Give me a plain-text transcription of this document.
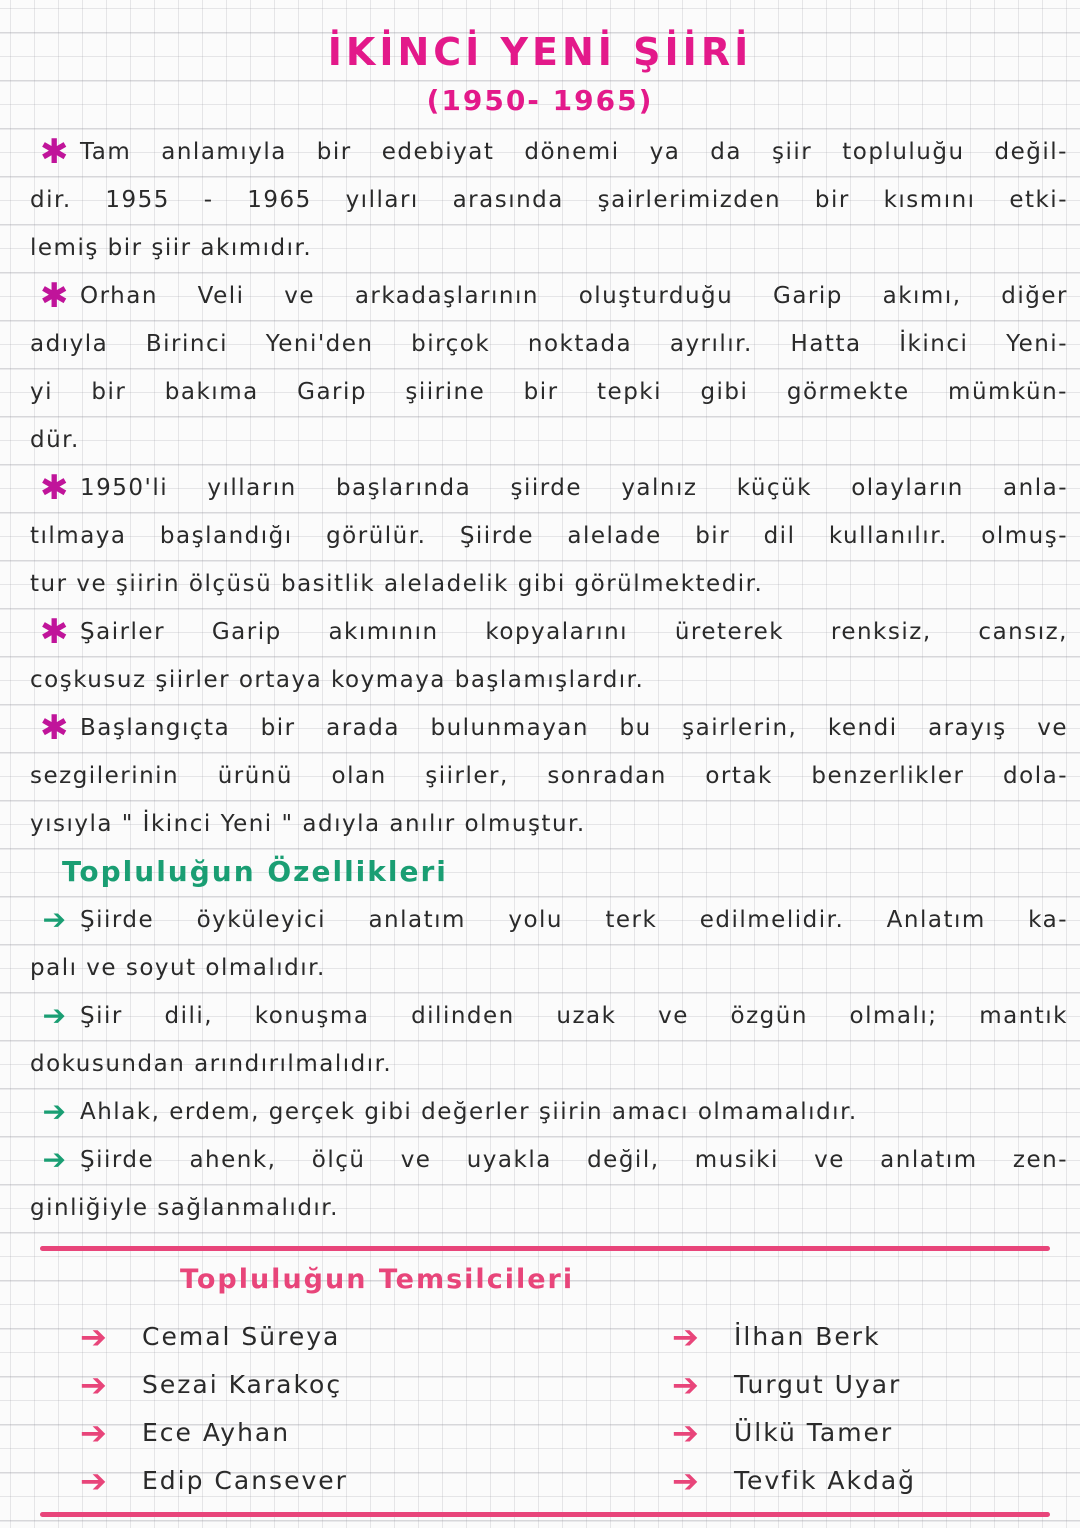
İKİNCİ YENİ ŞİİRİ
(1950- 1965)
✱ Tam anlamıyla bir edebiyat dönemi ya da şiir topluluğu değil-
dir. 1955 - 1965 yılları arasında şairlerimizden bir kısmını etki-
lemiş bir şiir akımıdır.
✱ Orhan Veli ve arkadaşlarının oluşturduğu Garip akımı, diğer
adıyla Birinci Yeni'den birçok noktada ayrılır. Hatta İkinci Yeni-
yi bir bakıma Garip şiirine bir tepki gibi görmekte mümkün-
dür.
✱ 1950'li yılların başlarında şiirde yalnız küçük olayların anla-
tılmaya başlandığı görülür. Şiirde alelade bir dil kullanılır. olmuş-
tur ve şiirin ölçüsü basitlik alelade​lik gibi görülmektedir.
✱ Şairler Garip akımının kopyalarını üreterek renksiz, cansız,
coşkusuz şiirler ortaya koymaya başlamışlardır.
✱ Başlangıçta bir arada bulunmayan bu şairlerin, kendi arayış ve
sezgilerinin ürünü olan şiirler, sonradan ortak benzerlikler dola-
yısıyla " İkinci Yeni " adıyla anılır olmuştur.
Topluluğun Özellikleri
➔ Şiirde öyküleyici anlatım yolu terk edilmelidir. Anlatım ka-
palı ve soyut olmalıdır.
➔ Şiir dili, konuşma dilinden uzak ve özgün olmalı; mantık
dokusundan arındırılmalıdır.
➔ Ahlak, erdem, gerçek gibi değerler şiirin amacı olmamalıdır.
➔ Şiirde ahenk, ölçü ve uyakla değil, musiki ve anlatım zen-
ginliğiyle sağlanmalıdır.
Topluluğun Temsilcileri
➔	Cemal Süreya
➔	Sezai Karakoç
➔	Ece Ayhan
➔	Edip Cansever
➔	İlhan Berk
➔	Turgut Uyar
➔	Ülkü Tamer
➔	Tevfik Akdağ
